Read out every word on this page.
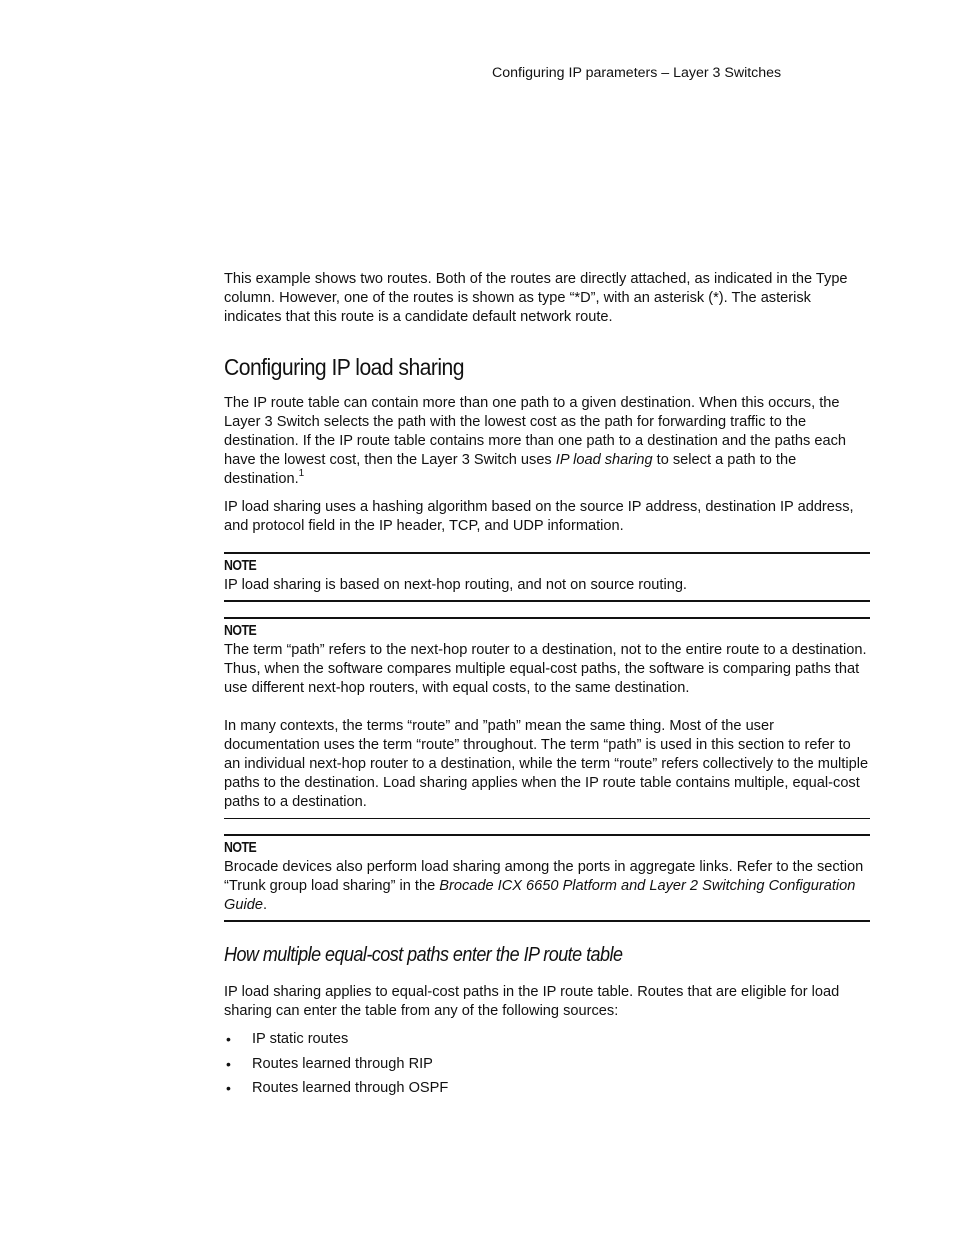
Configuring IP parameters – Layer 3 Switches

This example shows two routes. Both of the routes are directly attached, as indicated in the Type column. However, one of the routes is shown as type “*D”, with an asterisk (*). The asterisk indicates that this route is a candidate default network route.

Configuring IP load sharing

The IP route table can contain more than one path to a given destination. When this occurs, the Layer 3 Switch selects the path with the lowest cost as the path for forwarding traffic to the destination. If the IP route table contains more than one path to a destination and the paths each have the lowest cost, then the Layer 3 Switch uses IP load sharing to select a path to the destination.$^1$

IP load sharing uses a hashing algorithm based on the source IP address, destination IP address, and protocol field in the IP header, TCP, and UDP information.

NOTE

IP load sharing is based on next-hop routing, and not on source routing.

NOTE

The term “path” refers to the next-hop router to a destination, not to the entire route to a destination. Thus, when the software compares multiple equal-cost paths, the software is comparing paths that use different next-hop routers, with equal costs, to the same destination.

In many contexts, the terms “route” and ”path” mean the same thing. Most of the user documentation uses the term “route” throughout. The term “path” is used in this section to refer to an individual next-hop router to a destination, while the term “route” refers collectively to the multiple paths to the destination. Load sharing applies when the IP route table contains multiple, equal-cost paths to a destination.

NOTE

Brocade devices also perform load sharing among the ports in aggregate links. Refer to the section “Trunk group load sharing” in the Brocade ICX 6650 Platform and Layer 2 Switching Configuration Guide.

How multiple equal-cost paths enter the IP route table

IP load sharing applies to equal-cost paths in the IP route table. Routes that are eligible for load sharing can enter the table from any of the following sources:

• IP static routes
• Routes learned through RIP
• Routes learned through OSPF
